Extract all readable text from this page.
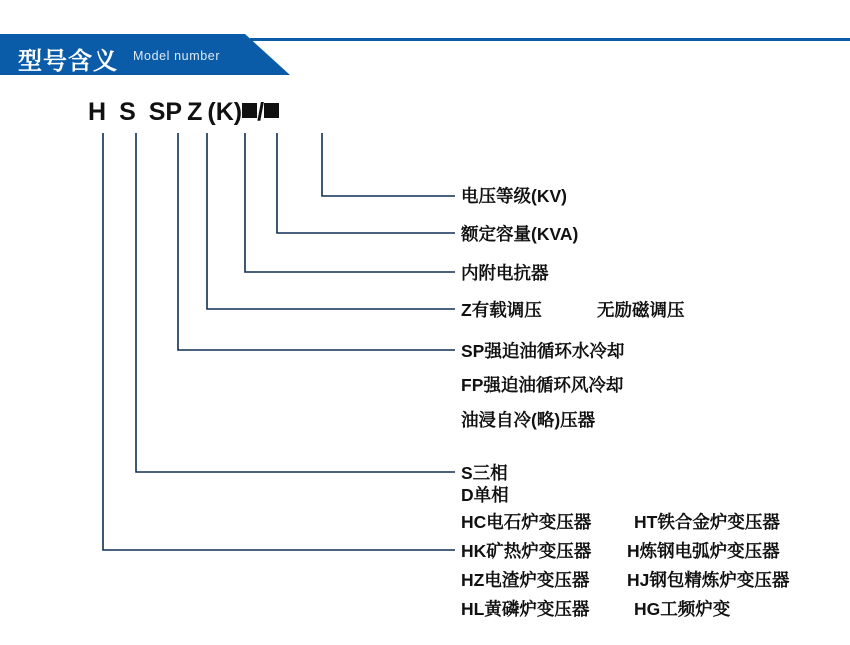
型号含义 Model number
H S SP Z (K) /
电压等级(KV)
额定容量(KVA)
内附电抗器
Z有载调压	无励磁调压
SP强迫油循环水冷却
FP强迫油循环风冷却
油浸自冷(略)压器
S三相
D单相
HC电石炉变压器 HT铁合金炉变压器
HK矿热炉变压器 H炼钢电弧炉变压器
HZ电渣炉变压器 HJ钢包精炼炉变压器
HL黄磷炉变压器	HG工频炉变
